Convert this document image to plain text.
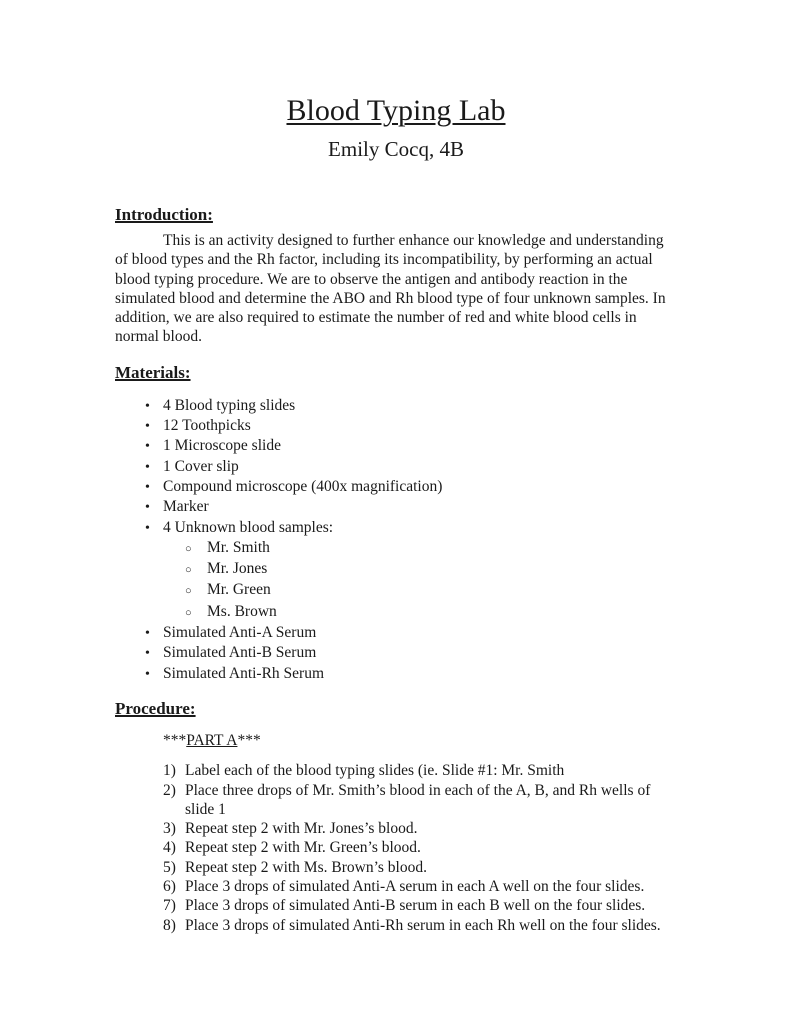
Blood Typing Lab
Emily Cocq, 4B
Introduction:

This is an activity designed to further enhance our knowledge and understanding of blood types and the Rh factor, including its incompatibility, by performing an actual blood typing procedure. We are to observe the antigen and antibody reaction in the simulated blood and determine the ABO and Rh blood type of four unknown samples. In addition, we are also required to estimate the number of red and white blood cells in normal blood.

Materials:
• 4 Blood typing slides
• 12 Toothpicks
• 1 Microscope slide
• 1 Cover slip
• Compound microscope (400x magnification)
• Marker
• 4 Unknown blood samples:
○ Mr. Smith
○ Mr. Jones
○ Mr. Green
○ Ms. Brown
• Simulated Anti-A Serum
• Simulated Anti-B Serum
• Simulated Anti-Rh Serum
Procedure:
***PART A***
1) Label each of the blood typing slides (ie. Slide #1: Mr. Smith
2) Place three drops of Mr. Smith’s blood in each of the A, B, and Rh wells of slide 1
3) Repeat step 2 with Mr. Jones’s blood.
4) Repeat step 2 with Mr. Green’s blood.
5) Repeat step 2 with Ms. Brown’s blood.
6) Place 3 drops of simulated Anti-A serum in each A well on the four slides.
7) Place 3 drops of simulated Anti-B serum in each B well on the four slides.
8) Place 3 drops of simulated Anti-Rh serum in each Rh well on the four slides.
